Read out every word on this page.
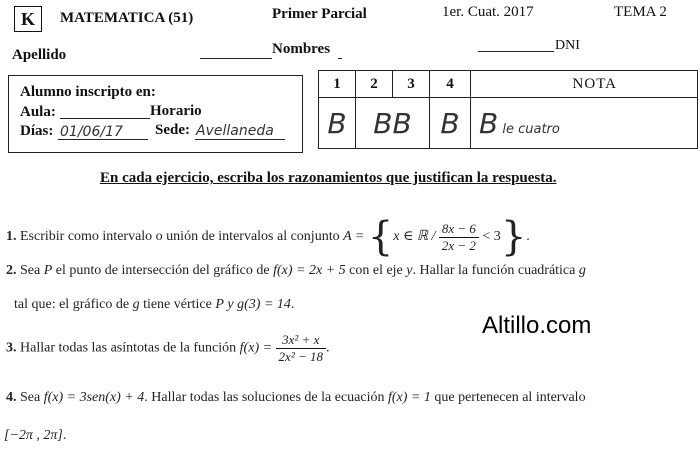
K	MATEMATICA (51)	Primer Parcial	1er. Cuat. 2017	TEMA 2
Apellido	Nombres	DNI
Alumno inscripto en:
Aula:	Horario
Días: 01/06/17 Sede: Avellaneda
1	2	3	4	NOTA
B	BB		B	B le cuatro
En cada ejercicio, escriba los razonamientos que justifican la respuesta.
1. Escribir como intervalo o unión de intervalos al conjunto A = {x ∈ ℝ / $\frac{8x - 6}{2x - 2} < 3$}.
2. Sea P el punto de intersección del gráfico de f(x) = 2x + 5 con el eje y. Hallar la función cuadrática g
tal que: el gráfico de g tiene vértice P y g(3) = 14.
3. Hallar todas las asíntotas de la función $f(x) = \frac{\text{3x² + x}}{\text{2x² − 18}}$ .
Altillo.com
4. Sea f(x) = 3sen(x) + 4. Hallar todas las soluciones de la ecuación f(x) = 1 que pertenecen al intervalo
[−2π , 2π].
